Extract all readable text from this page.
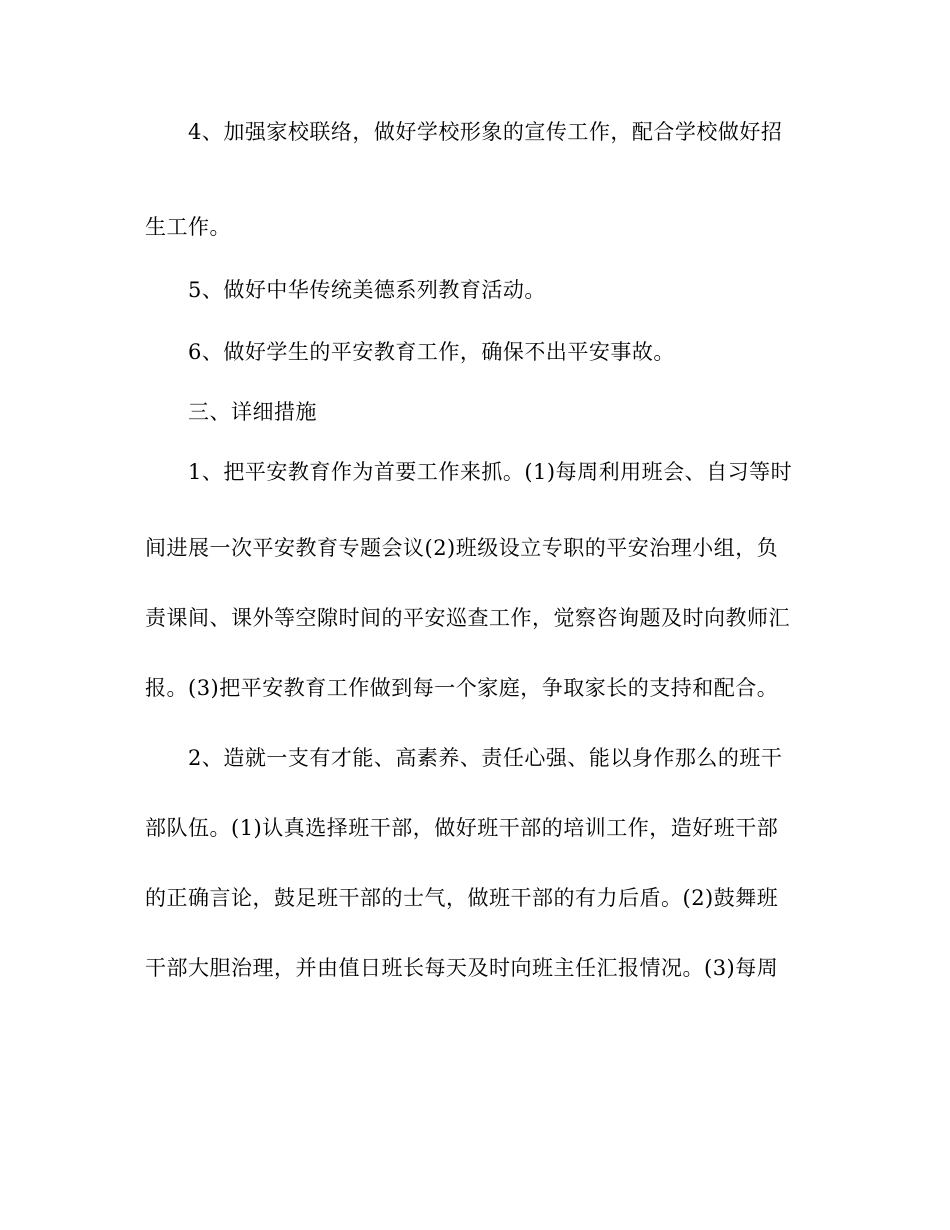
4、加强家校联络，做好学校形象的宣传工作，配合学校做好招
生工作。
5、做好中华传统美德系列教育活动。
6、做好学生的平安教育工作，确保不出平安事故。
三、详细措施
1、把平安教育作为首要工作来抓。(1)每周利用班会、自习等时
间进展一次平安教育专题会议(2)班级设立专职的平安治理小组，负
责课间、课外等空隙时间的平安巡查工作，觉察咨询题及时向教师汇
报。(3)把平安教育工作做到每一个家庭，争取家长的支持和配合。
2、造就一支有才能、高素养、责任心强、能以身作那么的班干
部队伍。(1)认真选择班干部，做好班干部的培训工作，造好班干部
的正确言论，鼓足班干部的士气，做班干部的有力后盾。(2)鼓舞班
干部大胆治理，并由值日班长每天及时向班主任汇报情况。(3)每周
